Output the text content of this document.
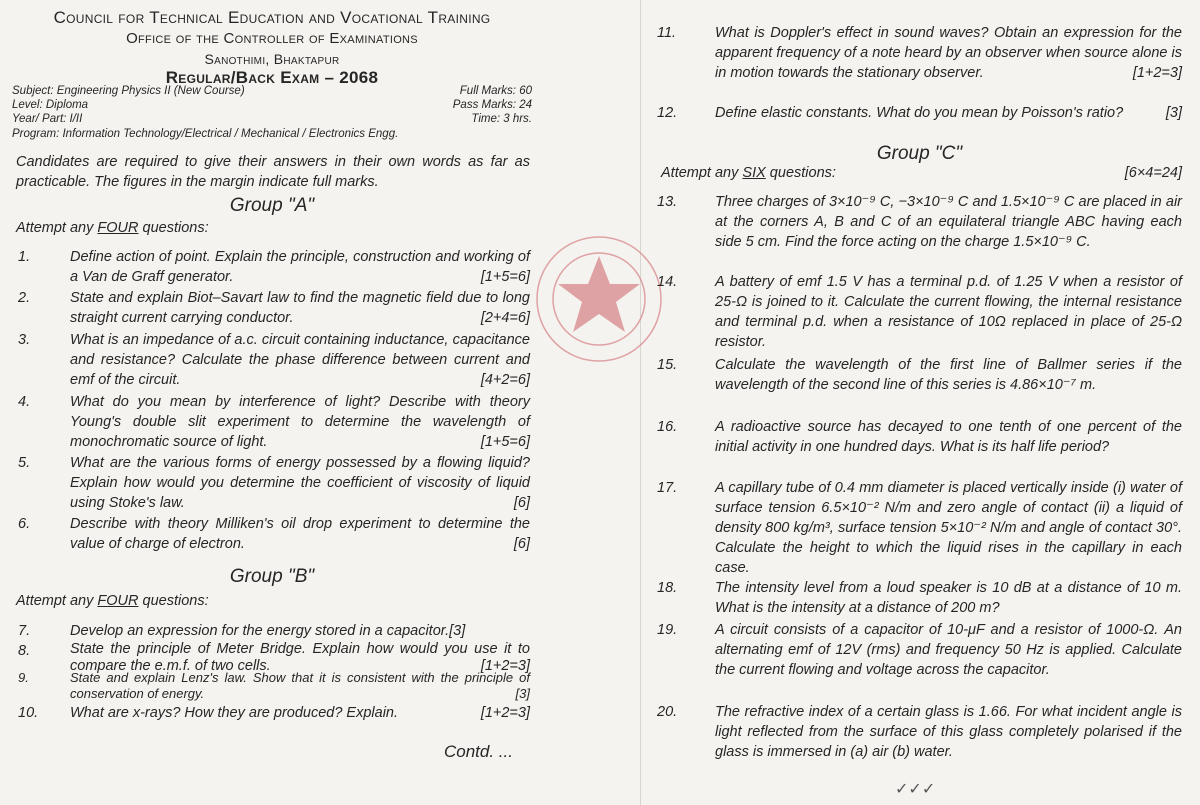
Council for Technical Education and Vocational Training
Office of the Controller of Examinations
Sanothimi, Bhaktapur
Regular/Back Exam – 2068
Subject: Engineering Physics II (New Course)	Full Marks: 60
Level: Diploma	Pass Marks: 24
Year/ Part: I/II	Time: 3 hrs.
Program: Information Technology/Electrical / Mechanical / Electronics Engg.
Candidates are required to give their answers in their own words as far as practicable. The figures in the margin indicate full marks.
Group "A"
Attempt any FOUR questions:
1.	Define action of point. Explain the principle, construction and working of a Van de Graff generator.	[1+5=6]
2.	State and explain Biot–Savart law to find the magnetic field due to long straight current carrying conductor.	[2+4=6]
3.	What is an impedance of a.c. circuit containing inductance, capacitance and resistance? Calculate the phase difference between current and emf of the circuit.	[4+2=6]
4.	What do you mean by interference of light? Describe with theory Young's double slit experiment to determine the wavelength of monochromatic source of light.	[1+5=6]
5.	What are the various forms of energy possessed by a flowing liquid? Explain how would you determine the coefficient of viscosity of liquid using Stoke's law.	[6]
6.	Describe with theory Milliken's oil drop experiment to determine the value of charge of electron.	[6]
Group "B"
Attempt any FOUR questions:
7.	Develop an expression for the energy stored in a capacitor.[3]
8.	State the principle of Meter Bridge. Explain how would you use it to compare the e.m.f. of two cells.	[1+2=3]
9.	State and explain Lenz's law. Show that it is consistent with the principle of conservation of energy.	[3]
10. What are x-rays? How they are produced? Explain.	[1+2=3]
Contd. ...
11.	What is Doppler's effect in sound waves? Obtain an expression for the apparent frequency of a note heard by an observer when source alone is in motion towards the stationary observer.	[1+2=3]
12.	Define elastic constants. What do you mean by Poisson's ratio?	[3]
Group "C"
Attempt any SIX questions:	[6×4=24]
13.	Three charges of 3×10⁻⁹ C, −3×10⁻⁹ C and 1.5×10⁻⁹ C are placed in air at the corners A, B and C of an equilateral triangle ABC having each side 5 cm. Find the force acting on the charge 1.5×10⁻⁹ C.
14.	A battery of emf 1.5 V has a terminal p.d. of 1.25 V when a resistor of 25-Ω is joined to it. Calculate the current flowing, the internal resistance and terminal p.d. when a resistance of 10Ω replaced in place of 25-Ω resistor.
15.	Calculate the wavelength of the first line of Ballmer series if the wavelength of the second line of this series is 4.86×10⁻⁷ m.
16.	A radioactive source has decayed to one tenth of one percent of the initial activity in one hundred days. What is its half life period?
17.	A capillary tube of 0.4 mm diameter is placed vertically inside (i) water of surface tension 6.5×10⁻² N/m and zero angle of contact (ii) a liquid of density 800 kg/m³, surface tension 5×10⁻² N/m and angle of contact 30°. Calculate the height to which the liquid rises in the capillary in each case.
18.	The intensity level from a loud speaker is 10 dB at a distance of 10 m. What is the intensity at a distance of 200 m?
19.	A circuit consists of a capacitor of 10-μF and a resistor of 1000-Ω. An alternating emf of 12V (rms) and frequency 50 Hz is applied. Calculate the current flowing and voltage across the capacitor.
20.	The refractive index of a certain glass is 1.66. For what incident angle is light reflected from the surface of this glass completely polarised if the glass is immersed in (a) air (b) water.
✓✓✓
